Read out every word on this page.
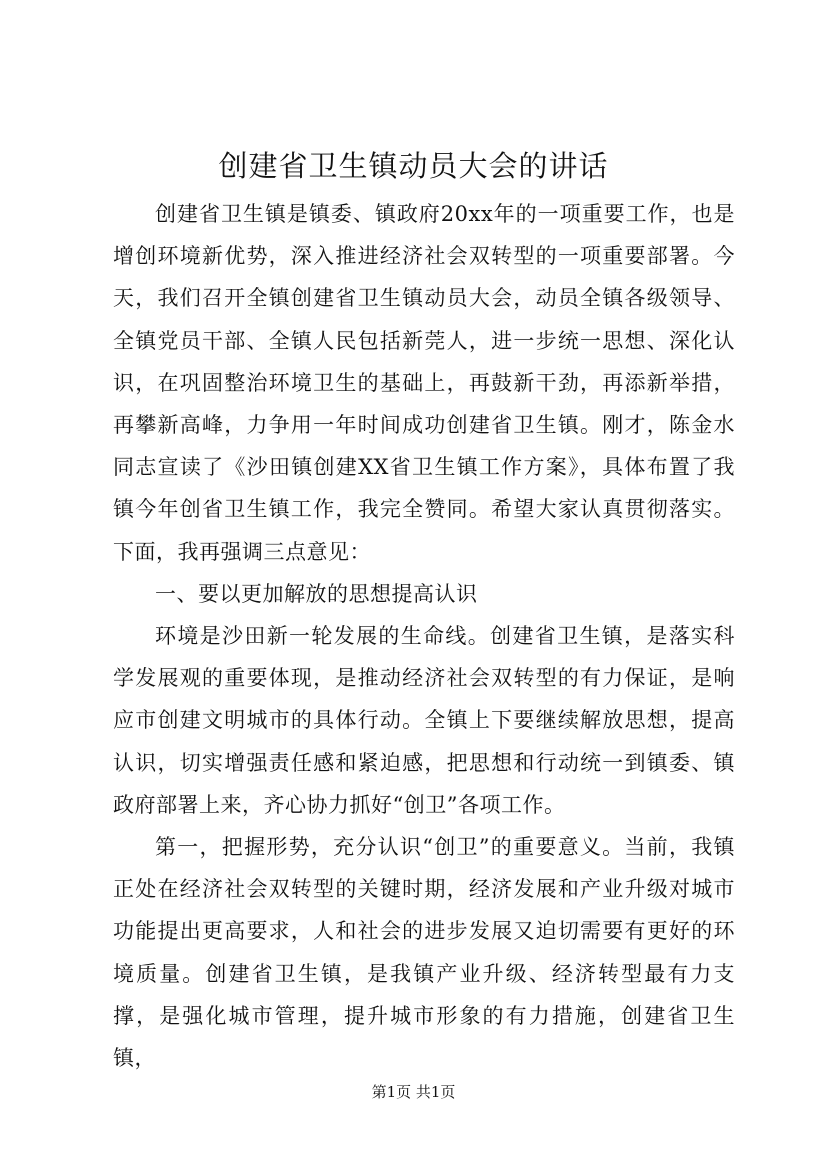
创建省卫生镇动员大会的讲话

创建省卫生镇是镇委、镇政府20xx年的一项重要工作，也是增创环境新优势，深入推进经济社会双转型的一项重要部署。今天，我们召开全镇创建省卫生镇动员大会，动员全镇各级领导、全镇党员干部、全镇人民包括新莞人，进一步统一思想、深化认识，在巩固整治环境卫生的基础上，再鼓新干劲，再添新举措，再攀新高峰，力争用一年时间成功创建省卫生镇。刚才，陈金水同志宣读了《沙田镇创建XX省卫生镇工作方案》，具体布置了我镇今年创省卫生镇工作，我完全赞同。希望大家认真贯彻落实。下面，我再强调三点意见：

一、要以更加解放的思想提高认识

环境是沙田新一轮发展的生命线。创建省卫生镇，是落实科学发展观的重要体现，是推动经济社会双转型的有力保证，是响应市创建文明城市的具体行动。全镇上下要继续解放思想，提高认识，切实增强责任感和紧迫感，把思想和行动统一到镇委、镇政府部署上来，齐心协力抓好“创卫”各项工作。

第一，把握形势，充分认识“创卫”的重要意义。当前，我镇正处在经济社会双转型的关键时期，经济发展和产业升级对城市功能提出更高要求，人和社会的进步发展又迫切需要有更好的环境质量。创建省卫生镇，是我镇产业升级、经济转型最有力支撑，是强化城市管理，提升城市形象的有力措施，创建省卫生镇，

第1页 共1页
